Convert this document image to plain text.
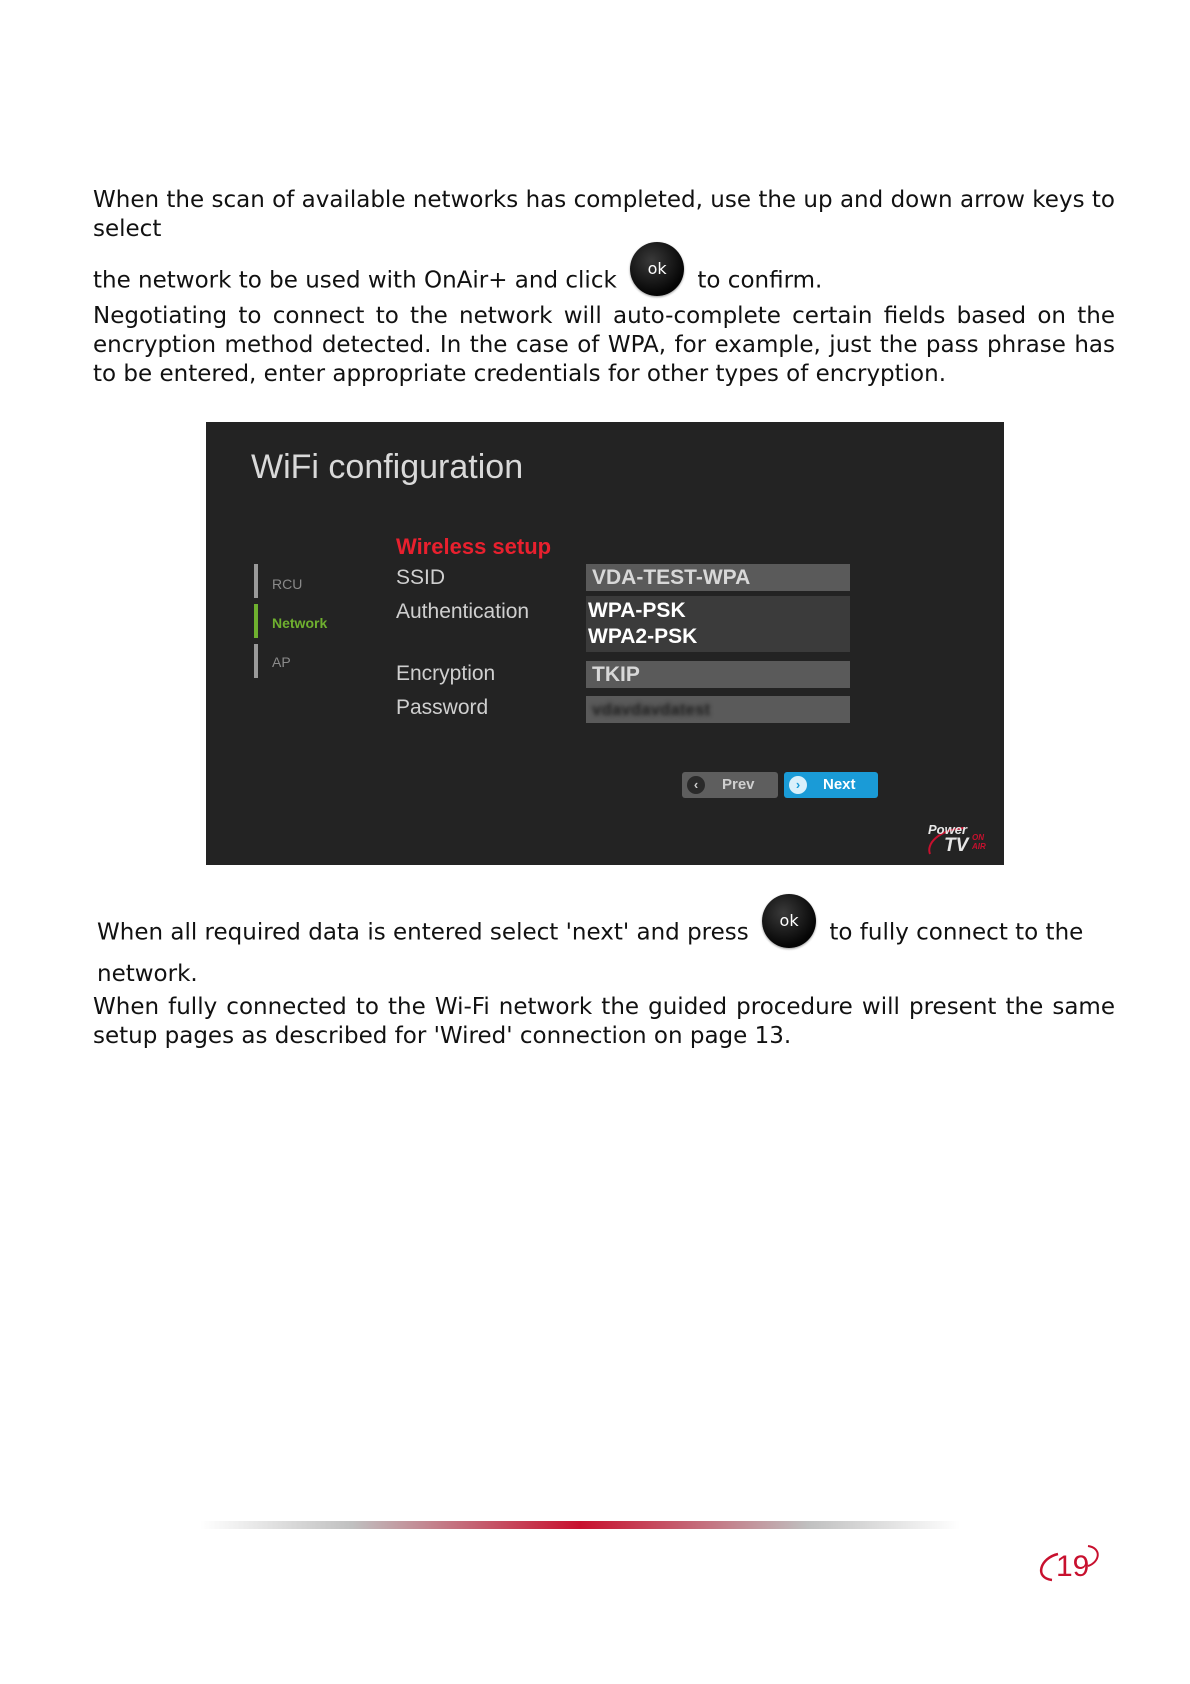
When the scan of available networks has completed, use the up and down arrow keys to select
the network to be used with OnAir+ and click ok to confirm.
Negotiating to connect to the network will auto-complete certain fields based on the encryption method detected. In the case of WPA, for example, just the pass phrase has to be entered, enter appropriate credentials for other types of encryption.
WiFi configuration
RCU
Network
AP
Wireless setup
SSID	VDA-TEST-WPA
Authentication	WPA-PSK
WPA2-PSK
Encryption	TKIP
Password	vdavdavdatest
‹	Prev	›	Next
Power
TV ON
AIR
When all required data is entered select 'next' and press ok to fully connect to the network.
When fully connected to the Wi-Fi network the guided procedure will present the same setup pages as described for 'Wired' connection on page 13.
19
